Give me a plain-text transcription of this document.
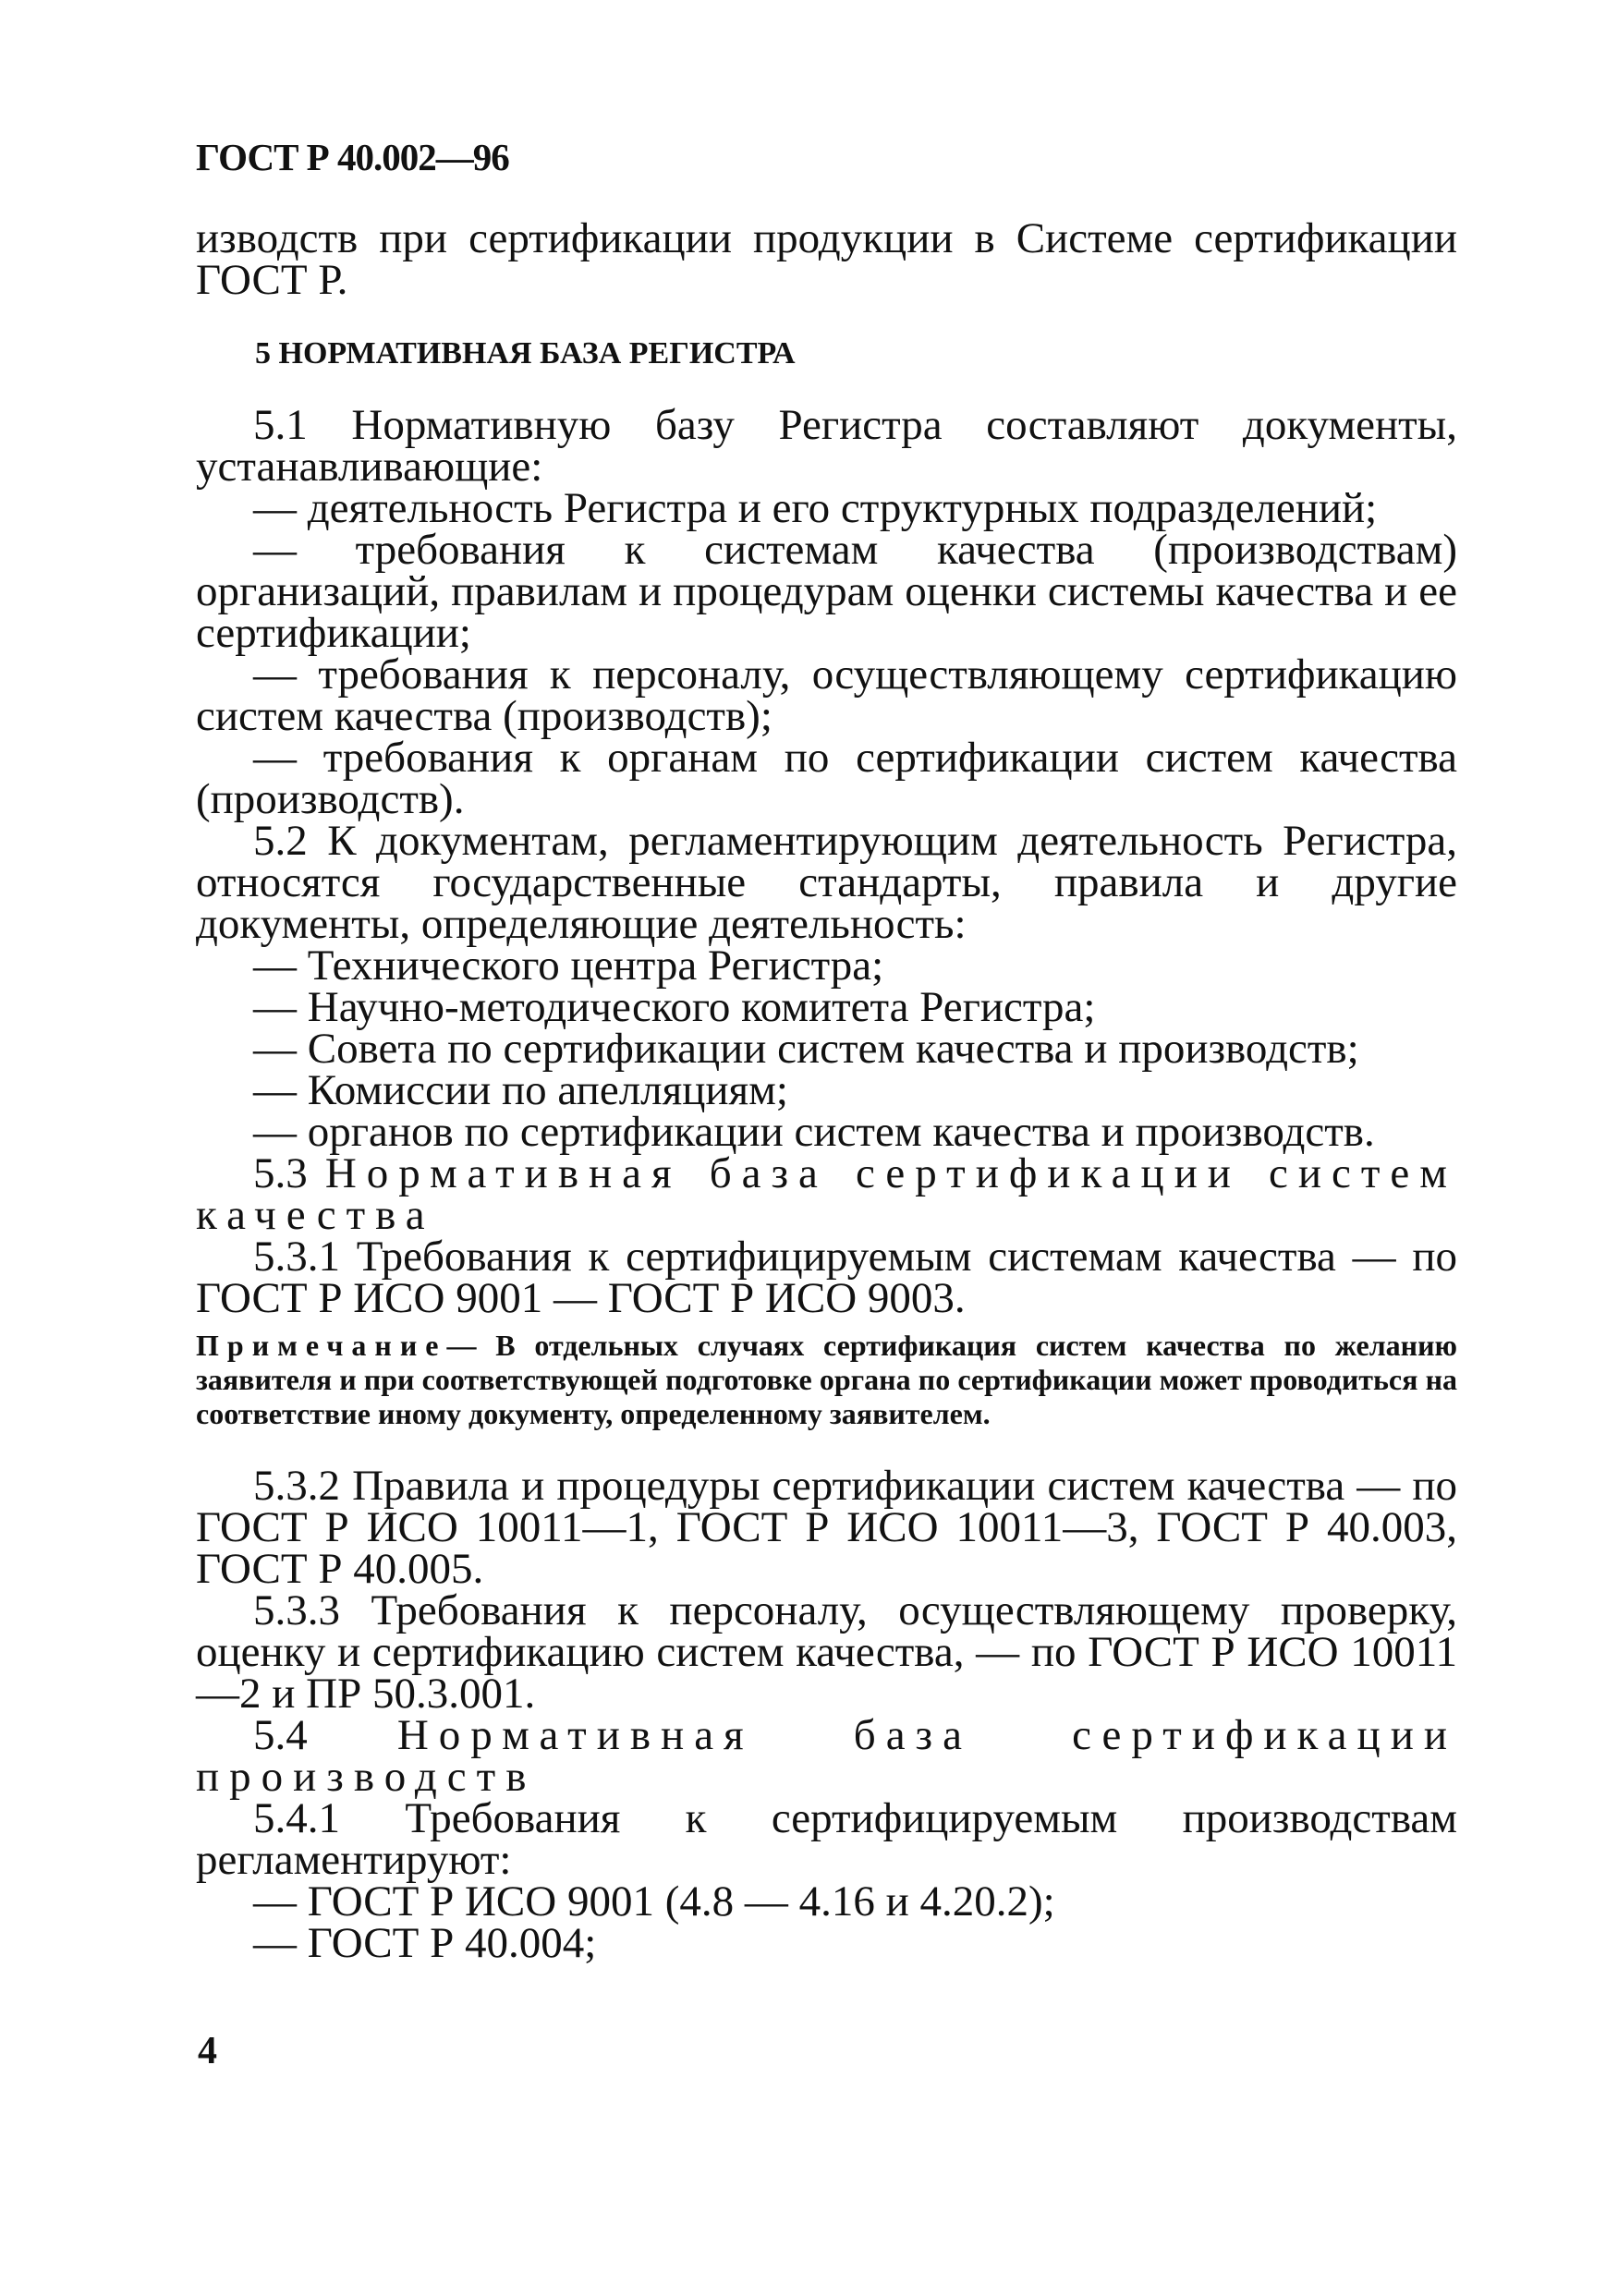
ГОСТ Р 40.002—96

изводств при сертификации продукции в Системе сертификации ГОСТ Р.

5 НОРМАТИВНАЯ БАЗА РЕГИСТРА

5.1 Нормативную базу Регистра составляют документы, устанавливающие:

— деятельность Регистра и его структурных подразделений;

— требования к системам качества (производствам) организаций, правилам и процедурам оценки системы качества и ее сертификации;

— требования к персоналу, осуществляющему сертификацию систем качества (производств);

— требования к органам по сертификации систем качества (производств).

5.2 К документам, регламентирующим деятельность Регистра, относятся государственные стандарты, правила и другие документы, определяющие деятельность:

— Технического центра Регистра;

— Научно-методического комитета Регистра;

— Совета по сертификации систем качества и производств;

— Комиссии по апелляциям;

— органов по сертификации систем качества и производств.

5.3 Нормативная база сертификации систем качества

5.3.1 Требования к сертифицируемым системам качества — по ГОСТ Р ИСО 9001 — ГОСТ Р ИСО 9003.

Примечание— В отдельных случаях сертификация систем качества по желанию заявителя и при соответствующей подготовке органа по сертификации может проводиться на соответствие иному документу, определенному заявителем.

5.3.2 Правила и процедуры сертификации систем качества — по ГОСТ Р ИСО 10011—1, ГОСТ Р ИСО 10011—3, ГОСТ Р 40.003, ГОСТ Р 40.005.

5.3.3 Требования к персоналу, осуществляющему проверку, оценку и сертификацию систем качества, — по ГОСТ Р ИСО 10011—2 и ПР 50.3.001.

5.4 Нормативная база сертификации производств

5.4.1 Требования к сертифицируемым производствам регламентируют:

— ГОСТ Р ИСО 9001 (4.8 — 4.16 и 4.20.2);

— ГОСТ Р 40.004;

4
